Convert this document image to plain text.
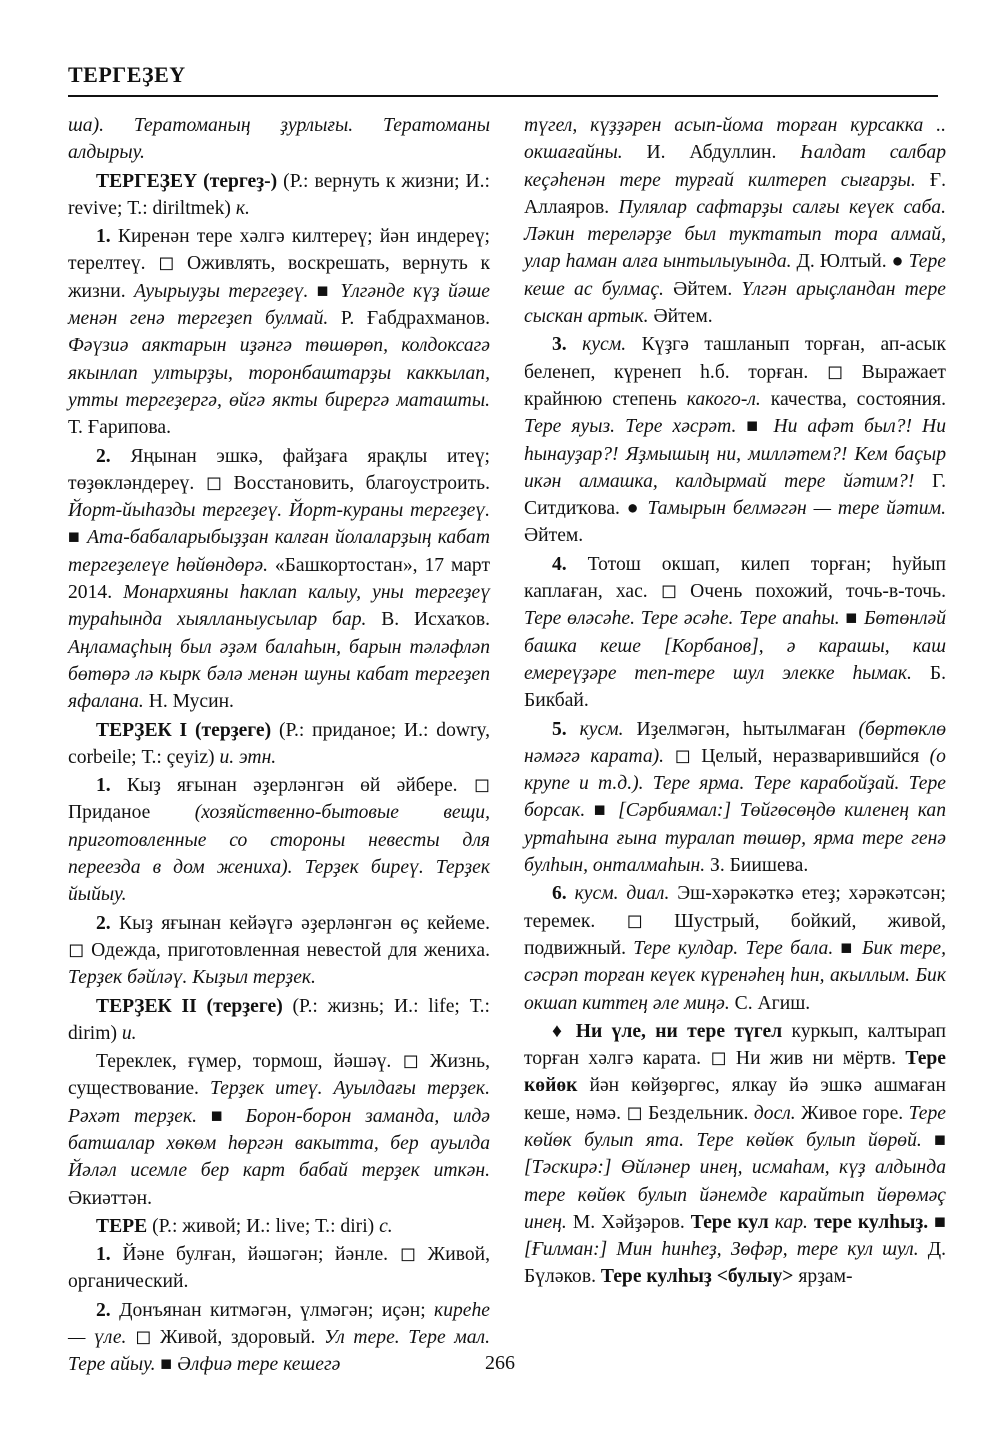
ТЕРГЕҘЕҮ

ша). Тератоманың ҙурлығы. Тератоманы алдырыу.

ТЕРГЕҘЕҮ (тергеҙ-) (Р.: вернуть к жизни; И.: revive; Т.: diriltmek) к.

1. Киренән тере хәлгә килтереү; йән индереү; терелтеү. ◻ Оживлять, воскрешать, вернуть к жизни. Ауырыуҙы тергеҙеү. ■ Үлгәнде күҙ йәше менән генә тергеҙеп булмай. Р. Ғабдрахманов. Фәүзиә аяктарын иҙәнгә төшөрөп, колдоксагә якынлап ултырҙы, торонбаштарҙы каккылап, утты тергеҙергә, өйгә якты бирергә маташты. Т. Ғарипова.

2. Яңынан эшкә, файҙаға ярақлы итеү; төҙөкләндереү. ◻ Восстановить, благоустроить. Йорт-йыһазды тергеҙеү. Йорт-кураны тергеҙеү. ■ Ата-бабаларыбыҙҙан калған йолаларҙың кабат тергеҙелеүе һөйөндөрә. «Башкортостан», 17 март 2014. Монархияны һаклап калыу, уны тергеҙеү тураһында хыялланыусылар бар. В. Исхаҡов. Аңламаçһың был әҙәм балаһын, барын тәләфләп бөтөрә лә кырк бәлә менән шуны кабат тергеҙеп яфалана. Н. Мусин.

ТЕРҘЕК I (терҙеге) (Р.: приданое; И.: dowry, corbeile; Т.: çeyiz) и. этн.

1. Кыҙ яғынан әҙерләнгән өй әйбере. ◻ Приданое (хозяйственно-бытовые вещи, приготовленные со стороны невесты для переезда в дом жениха). Терҙек биреү. Терҙек йыйыу.

2. Кыҙ яғынан кейәүгә әҙерләнгән өç кейеме. ◻ Одежда, приготовленная невестой для жениха. Терҙек бәйләү. Кыҙыл терҙек.

ТЕРҘЕК II (терҙеге) (Р.: жизнь; И.: life; Т.: dirim) и.

Тереклек, ғүмер, тормош, йәшәү. ◻ Жизнь, существование. Терҙек итеү. Ауылдағы терҙек. Рәхәт терҙек. ■ Борон-борон заманда, илдә батшалар хөкөм һөргән вакытта, бер ауылда Йәләл исемле бер карт бабай терҙек иткән. Әкиәттән.

ТЕРЕ (Р.: живой; И.: live; Т.: diri) с.

1. Йәне булған, йәшәгән; йәнле. ◻ Живой, органический.

2. Донъянан китмәгән, үлмәгән; иçән; киреһе — үле. ◻ Живой, здоровый. Ул тере. Тере мал. Тере айыу. ■ Әлфиә тере кешегә

түгел, күҙҙәрен асып-йома торған курсакка .. окшағайны. И. Абдуллин. Һалдат салбар кеçәһенән тере турғай килтереп сығарҙы. Ғ. Аллаяров. Пулялар сафтарҙы салғы кеүек саба. Ләкин тереләрҙе был туктатып тора алмай, улар һаман алға ынтылыуында. Д. Юлтый. ● Тере кеше ас булмаç. Әйтем. Үлгән арыçландан тере сыскан артык. Әйтем.

3. кусм. Күҙгә ташланып торған, ап-асык беленеп, күренеп һ.б. торған. ◻ Выражает крайнюю степень какого-л. качества, состояния. Тере яуыз. Тере хәсрәт. ■ Ни афәт был?! Ни һынауҙар?! Яҙмышың ни, милләтем?! Кем баçыр икән алмашка, калдырмай тере йәтим?! Г. Ситдиҡова. ● Тамырын белмәгән — тере йәтим. Әйтем.

4. Тотош окшап, килеп торған; һуйып каплаған, хас. ◻ Очень похожий, точь-в-точь. Тере өләсәһе. Тере әсәһе. Тере апаһы. ■ Бөтөнләй башка кеше [Корбанов], ә карашы, каш емереүҙәре теп-тере шул элекке һымак. Б. Бикбай.

5. кусм. Иҙелмәгән, һытылмаған (бөртөклө нәмәгә карата). ◻ Целый, неразварившийся (о крупе и т.д.). Тере ярма. Тере карабойҙай. Тере борсак. ■ [Сәрбиямал:] Төйгөсөңдө киленең кап уртаһына ғына туралап төшөр, ярма тере генә булһын, онталмаһын. З. Биишева.

6. кусм. диал. Эш-хәрәкәткә етеҙ; хәрәкәтсән; теремек. ◻ Шустрый, бойкий, живой, подвижный. Тере кулдар. Тере бала. ■ Бик тере, сәсрәп торған кеүек күренәһең һин, акыллым. Бик окшап киттең әле миңә. С. Агиш.

♦ Ни үле, ни тере түгел куркып, калтырап торған хәлгә карата. ◻ Ни жив ни мёртв. Тере көйөк йән көйҙөргөс, ялкау йә эшкә ашмаған кеше, нәмә. ◻ Бездельник. досл. Живое горе. Тере көйөк булып ята. Тере көйөк булып йөрөй. ■ [Тәскирә:] Өйләнер инең, исмаһам, күҙ алдында тере көйөк булып йәнемде карайтып йөрөмәç инең. М. Хәйҙәров. Тере кул кар. тере кулһыҙ. ■ [Ғилман:] Мин һинһеҙ, Зөфәр, тере кул шул. Д. Бүләков. Тере кулһыҙ <булыу> ярҙам-

266
